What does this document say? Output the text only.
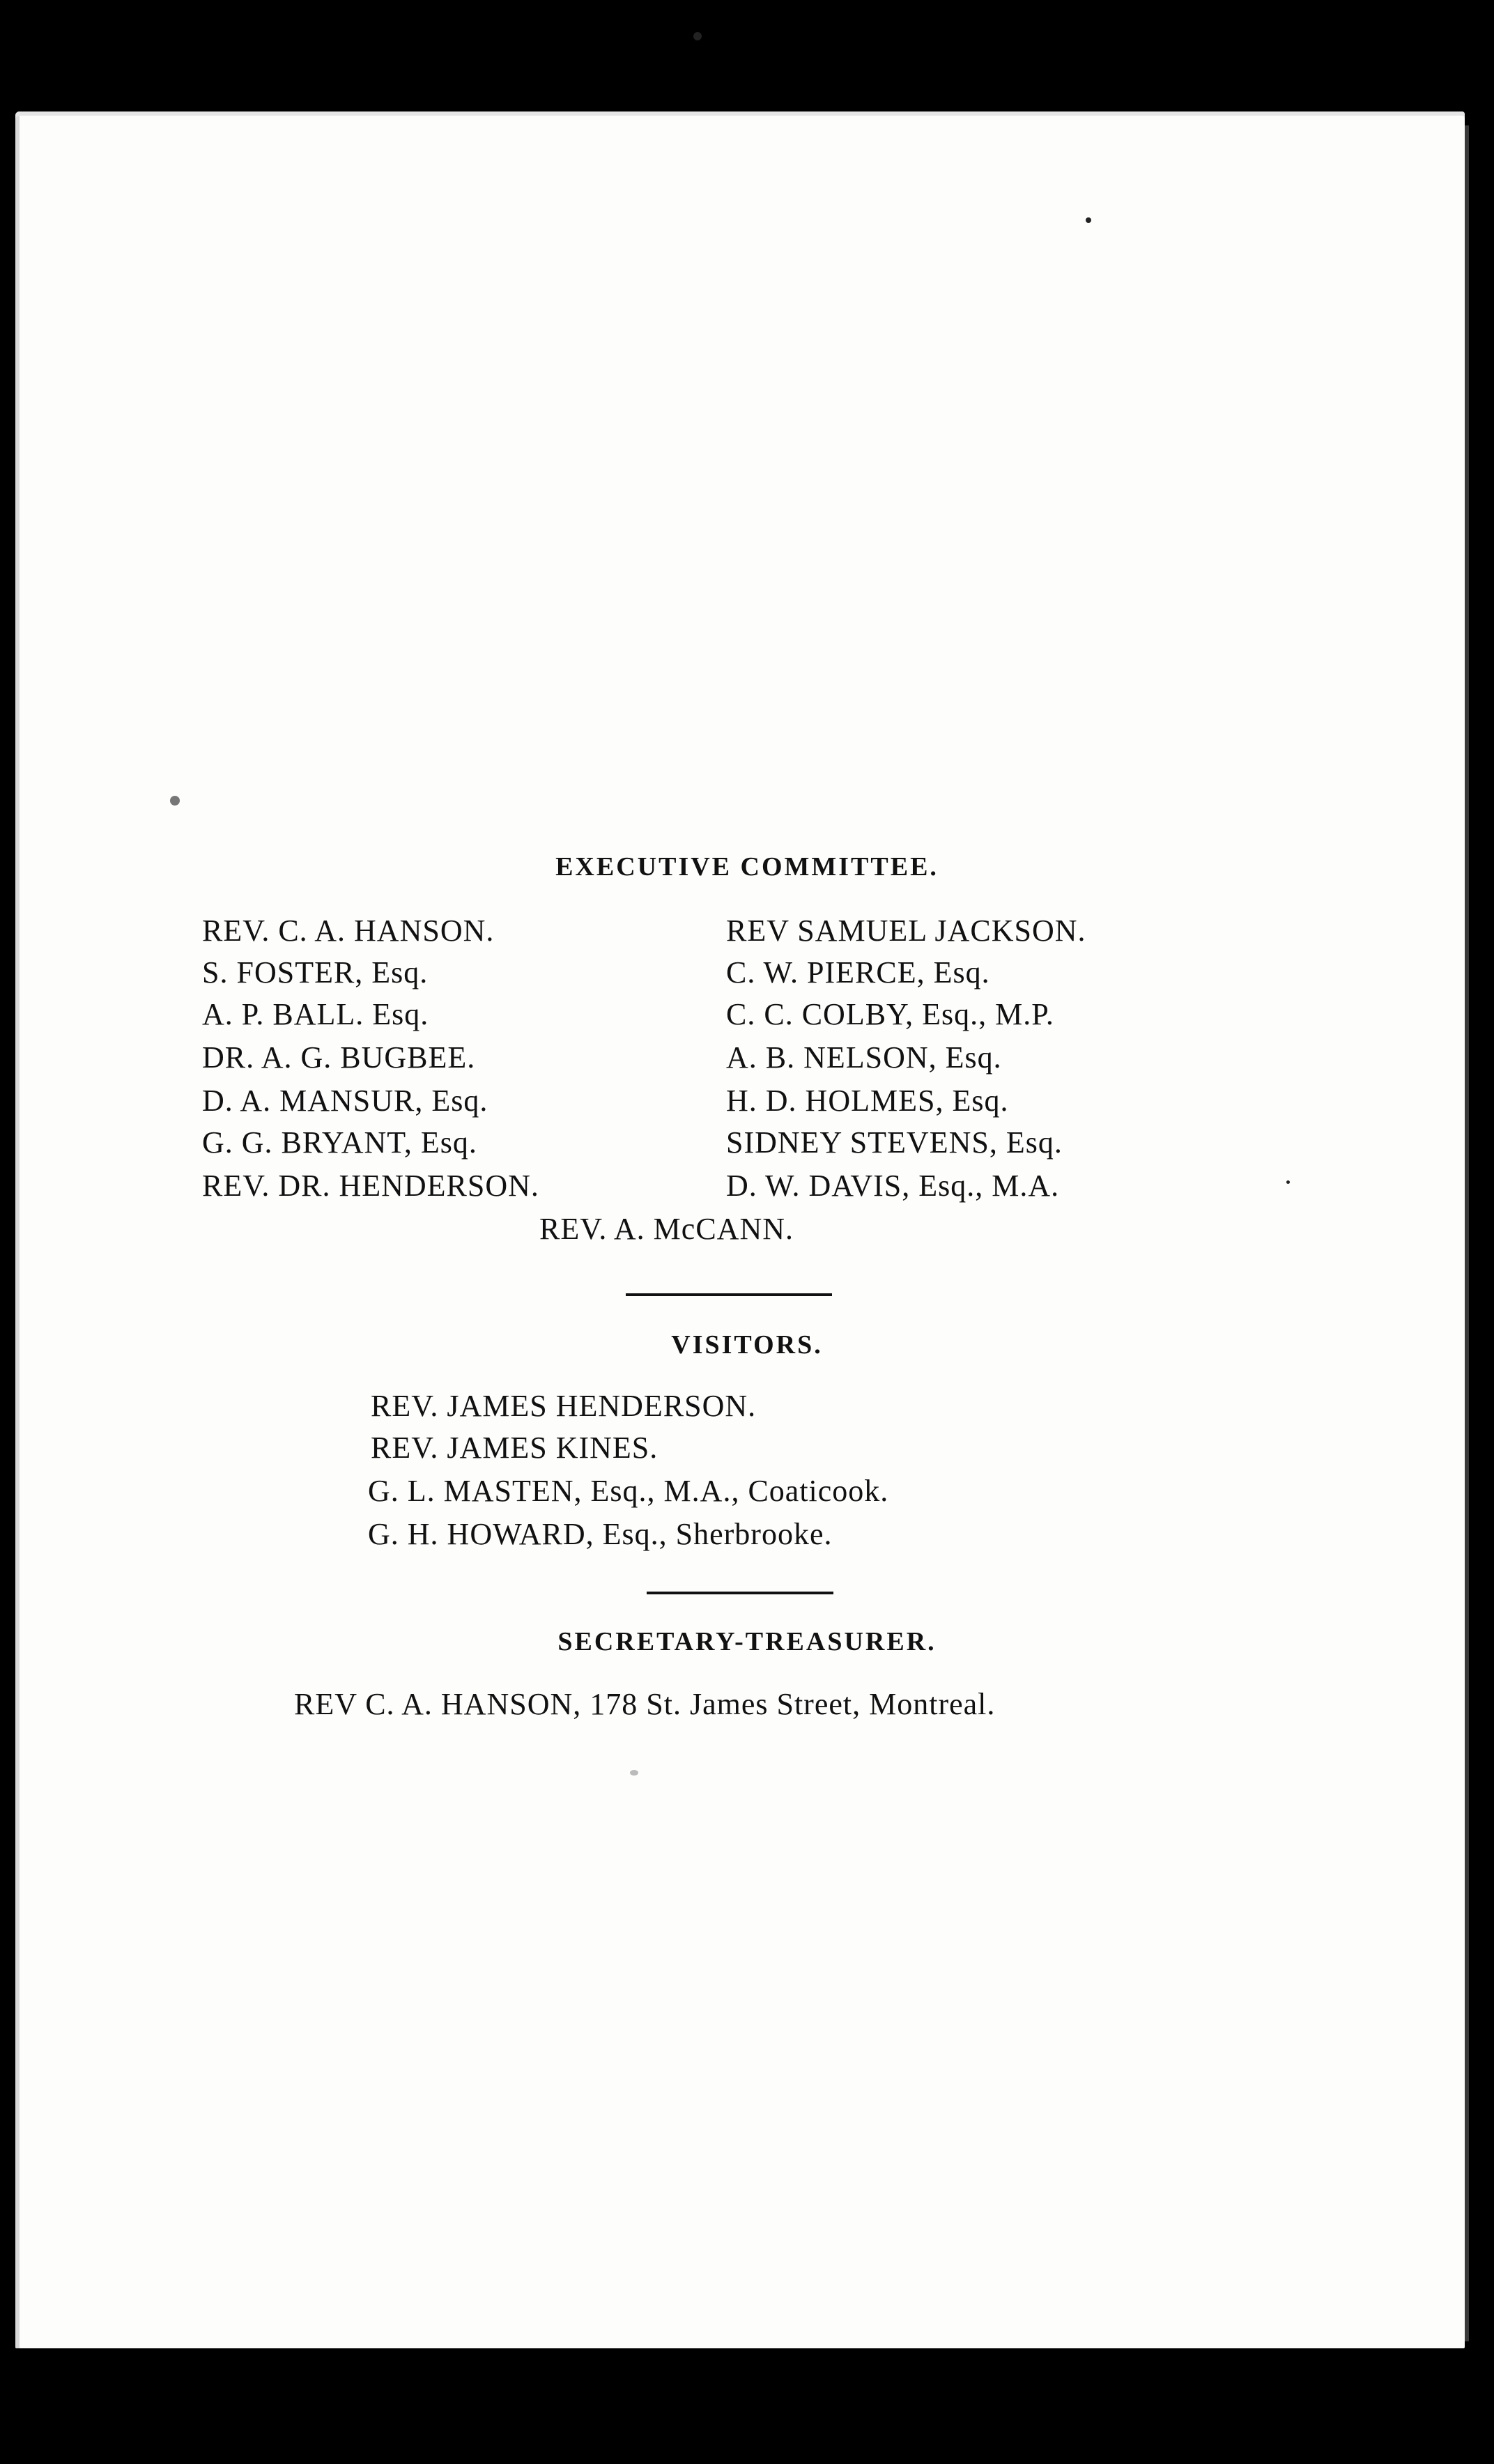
EXECUTIVE COMMITTEE.
REV. C. A. HANSON.
S. FOSTER, Esq.
A. P. BALL. Esq.
DR. A. G. BUGBEE.
D. A. MANSUR, Esq.
G. G. BRYANT, Esq.
REV. DR. HENDERSON.
REV SAMUEL JACKSON.
C. W. PIERCE, Esq.
C. C. COLBY, Esq., M.P.
A. B. NELSON, Esq.
H. D. HOLMES, Esq.
SIDNEY STEVENS, Esq.
D. W. DAVIS, Esq., M.A.
REV. A. McCANN.
VISITORS.
REV. JAMES HENDERSON.
REV. JAMES KINES.
G. L. MASTEN, Esq., M.A., Coaticook.
G. H. HOWARD, Esq., Sherbrooke.
SECRETARY-TREASURER.
REV C. A. HANSON, 178 St. James Street, Montreal.
